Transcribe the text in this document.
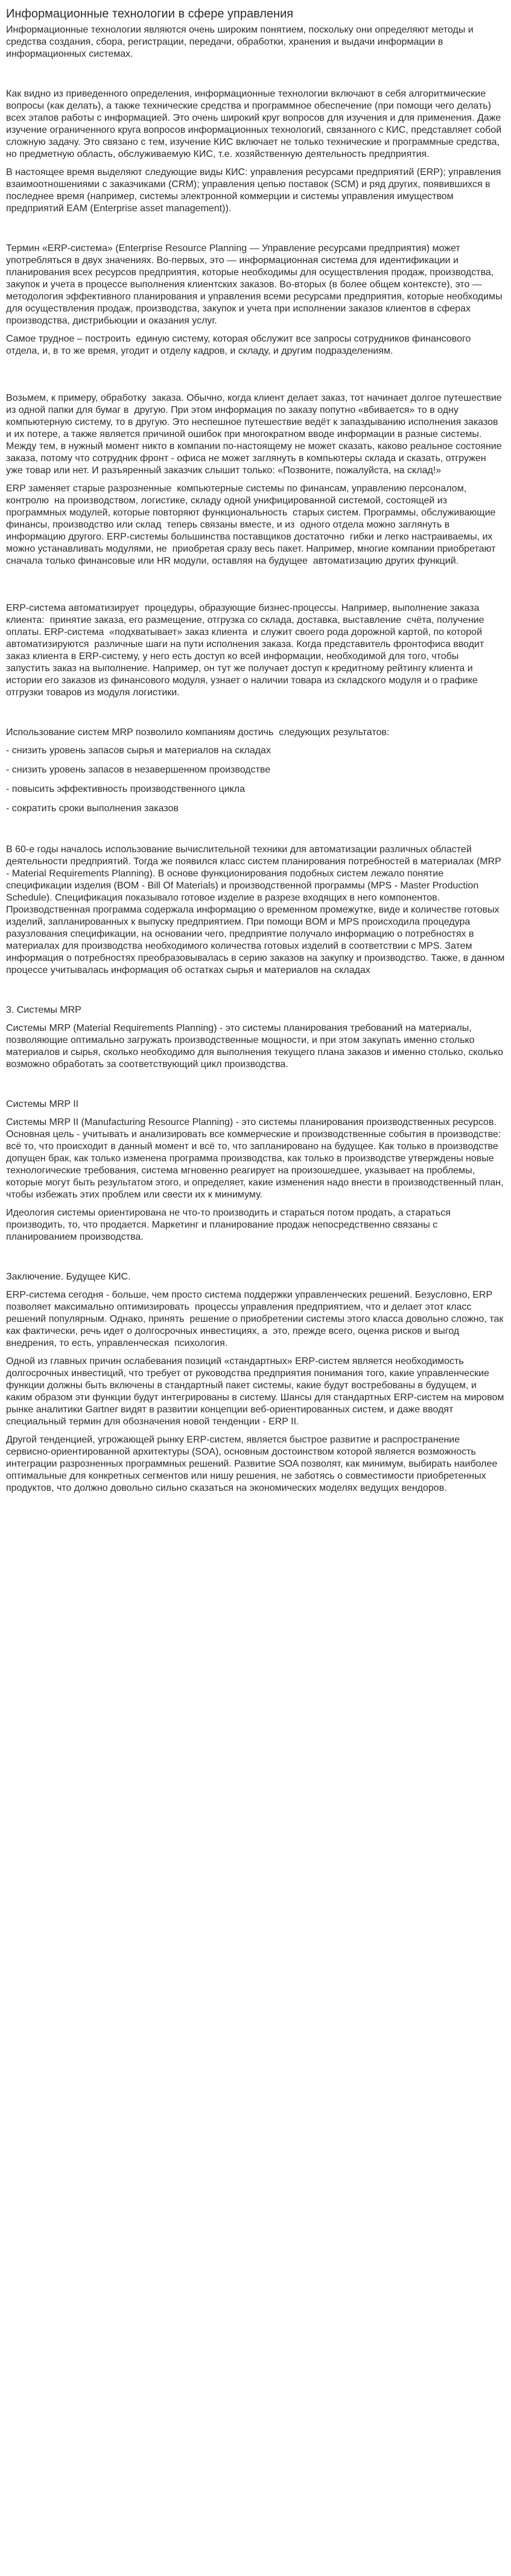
Информационные технологии в сфере управления

Информационные технологии являются очень широким понятием, поскольку они определяют методы и средства создания, сбора, регистрации, передачи, обработки, хранения и выдачи информации в информационных системах.

Как видно из приведенного определения, информационные технологии включают в себя алгоритмические вопросы (как делать), а также технические средства и программное обеспечение (при помощи чего делать) всех этапов работы с информацией. Это очень широкий круг вопросов для изучения и для применения. Даже изучение ограниченного круга вопросов информационных технологий, связанного с КИС, представляет собой сложную задачу. Это связано с тем, изучение КИС включает не только технические и программные средства, но предметную область, обслуживаемую КИС, т.е. хозяйственную деятельность предприятия.

В настоящее время выделяют следующие виды КИС: управления ресурсами предприятий (ERP); управления взаимоотношениями с заказчиками (CRM); управления цепью поставок (SCM) и ряд других, появившихся в последнее время (например, системы электронной коммерции и системы управления имуществом предприятий EAM (Enterprise asset management)).

Термин «ERP-система» (Enterprise Resource Planning — Управление ресурсами предприятия) может употребляться в двух значениях. Во-первых, это — информационная система для идентификации и планирования всех ресурсов предприятия, которые необходимы для осуществления продаж, производства, закупок и учета в процессе выполнения клиентских заказов. Во-вторых (в более общем контексте), это — методология эффективного планирования и управления всеми ресурсами предприятия, которые необходимы для осуществления продаж, производства, закупок и учета при исполнении заказов клиентов в сферах производства, дистрибьюции и оказания услуг.

Самое трудное – построить  единую систему, которая обслужит все запросы сотрудников финансового отдела, и, в то же время, угодит и отделу кадров, и складу, и другим подразделениям.

Возьмем, к примеру, обработку  заказа. Обычно, когда клиент делает заказ, тот начинает долгое путешествие  из одной папки для бумаг в  другую. При этом информация по заказу попутно «вбивается» то в одну компьютерную систему, то в другую. Это неспешное путешествие ведёт к запаздыванию исполнения заказов и их потере, а также является причиной ошибок при многократном вводе информации в разные системы. Между тем, в нужный момент никто в компании по-настоящему не может сказать, каково реальное состояние заказа, потому что сотрудник фронт - офиса не может заглянуть в компьютеры склада и сказать, отгружен уже товар или нет. И разъяренный заказчик слышит только: «Позвоните, пожалуйста, на склад!»

ERP заменяет старые разрозненные  компьютерные системы по финансам, управлению персоналом, контролю  на производством, логистике, складу одной унифицированной системой, состоящей из программных модулей, которые повторяют функциональность  старых систем. Программы, обслуживающие  финансы, производство или склад  теперь связаны вместе, и из  одного отдела можно заглянуть в информацию другого. ERP-системы большинства поставщиков достаточно  гибки и легко настраиваемы, их можно устанавливать модулями, не  приобретая сразу весь пакет. Например, многие компании приобретают  сначала только финансовые или HR модули, оставляя на будущее  автоматизацию других функций.

ERP-система автоматизирует  процедуры, образующие бизнес-процессы. Например, выполнение заказа клиента:  принятие заказа, его размещение, отгрузка со склада, доставка, выставление  счёта, получение оплаты. ERP-система  «подхватывает» заказ клиента  и служит своего рода дорожной картой, по которой автоматизируются  различные шаги на пути исполнения заказа. Когда представитель фронтофиса вводит заказ клиента в ERP-систему, у него есть доступ ко всей информации, необходимой для того, чтобы запустить заказ на выполнение. Например, он тут же получает доступ к кредитному рейтингу клиента и истории его заказов из финансового модуля, узнает о наличии товара из складского модуля и о графике отгрузки товаров из модуля логистики.

Использование систем MRP позволило компаниям достичь  следующих результатов:

- снизить уровень запасов сырья и материалов на складах

- снизить уровень запасов в незавершенном производстве

- повысить эффективность производственного цикла

- сократить сроки выполнения заказов

В 60-е годы началось использование вычислительной техники для автоматизации различных областей деятельности предприятий. Тогда же появился класс систем планирования потребностей в материалах (MRP - Material Requirements Planning). В основе функционирования подобных систем лежало понятие спецификации изделия (BOM - Bill Of Materials) и производственной программы (MPS - Master Production Schedule). Спецификация показывало готовое изделие в разрезе входящих в него компонентов. Производственная программа содержала информацию о временном промежутке, виде и количестве готовых изделий, запланированных к выпуску предприятием. При помощи BOM и MPS происходила процедура разузлования спецификации, на основании чего, предприятие получало информацию о потребностях в материалах для производства необходимого количества готовых изделий в соответствии с MPS. Затем информация о потребностях преобразовывалась в серию заказов на закупку и производство. Также, в данном процессе учитывалась информация об остатках сырья и материалов на складах

3. Системы MRP

Системы MRP (Material Requirements Planning) - это системы планирования требований на материалы, позволяющие оптимально загружать производственные мощности, и при этом закупать именно столько материалов и сырья, сколько необходимо для выполнения текущего плана заказов и именно столько, сколько возможно обработать за соответствующий цикл производства.

Системы MRP II

Системы MRP II (Manufacturing Resource Planning) - это системы планирования производственных ресурсов. Основная цель - учитывать и анализировать все коммерческие и производственные события в производстве: всё то, что происходит в данный момент и всё то, что запланировано на будущее. Как только в производстве допущен брак, как только изменена программа производства, как только в производстве утверждены новые технологические требования, система мгновенно реагирует на произошедшее, указывает на проблемы, которые могут быть результатом этого, и определяет, какие изменения надо внести в производственный план, чтобы избежать этих проблем или свести их к минимуму.

Идеология системы ориентирована не что-то производить и стараться потом продать, а стараться производить, то, что продается. Маркетинг и планирование продаж непосредственно связаны с планированием производства.

Заключение. Будущее КИС.

ERP-система сегодня - больше, чем просто система поддержки управленческих решений. Безусловно, ERP позволяет максимально оптимизировать  процессы управления предприятием, что и делает этот класс решений популярным. Однако, принять  решение о приобретении системы этого класса довольно сложно, так как фактически, речь идет о долгосрочных инвестициях, а  это, прежде всего, оценка рисков и выгод внедрения, то есть, управленческая  психология.

Одной из главных причин ослабевания позиций «стандартных» ERP-систем является необходимость долгосрочных инвестиций, что требует от руководства предприятия понимания того, какие управленческие функции должны быть включены в стандартный пакет системы, какие будут востребованы в будущем, и каким образом эти функции будут интегрированы в систему. Шансы для стандартных ERP-систем на мировом рынке аналитики Gartner видят в развитии концепции веб-ориентированных систем, и даже вводят специальный термин для обозначения новой тенденции - ERP II.

Другой тенденцией, угрожающей рынку ERP-систем, является быстрое развитие и распространение сервисно-ориентированной архитектуры (SOA), основным достоинством которой является возможность интеграции разрозненных программных решений. Развитие SOA позволят, как минимум, выбирать наиболее оптимальные для конкретных сегментов или нишу решения, не заботясь о совместимости приобретенных продуктов, что должно довольно сильно сказаться на экономических моделях ведущих вендоров.
